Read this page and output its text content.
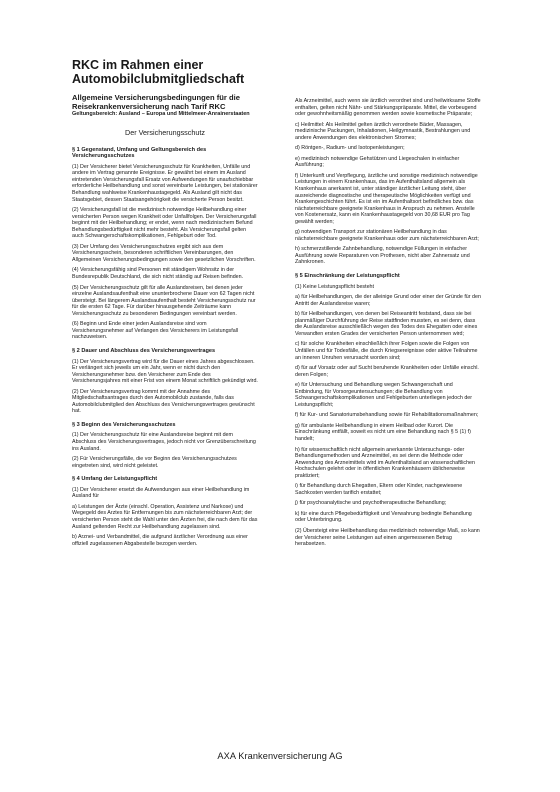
RKC im Rahmen einer
Automobilclubmitgliedschaft
Allgemeine Versicherungsbedingungen für die Reisekrankenversicherung nach Tarif RKC
Geltungsbereich: Ausland – Europa und Mittelmeer-Anrainerstaaten
Der Versicherungsschutz
§ 1 Gegenstand, Umfang und Geltungsbereich des Versicherungsschutzes

(1) Der Versicherer bietet Versicherungsschutz für Krankheiten, Unfälle und andere im Vertrag genannte Ereignisse. Er gewährt bei einem im Ausland eintretenden Versicherungsfall Ersatz von Aufwendungen für unaufschiebbar erforderliche Heilbehandlung und sonst vereinbarte Leistungen, bei stationärer Behandlung wahlweise Krankenhaustagegeld. Als Ausland gilt nicht das Staatsgebiet, dessen Staatsangehörigkeit die versicherte Person besitzt.

(2) Versicherungsfall ist die medizinisch notwendige Heilbehandlung einer versicherten Person wegen Krankheit oder Unfallfolgen. Der Versicherungsfall beginnt mit der Heilbehandlung; er endet, wenn nach medizinischem Befund Behandlungsbedürftigkeit nicht mehr besteht. Als Versicherungsfall gelten auch Schwangerschaftskomplikationen, Fehlgeburt oder Tod.

(3) Der Umfang des Versicherungsschutzes ergibt sich aus dem Versicherungsschein, besonderen schriftlichen Vereinbarungen, den Allgemeinen Versicherungsbedingungen sowie den gesetzlichen Vorschriften.

(4) Versicherungsfähig sind Personen mit ständigem Wohnsitz in der Bundesrepublik Deutschland, die sich nicht ständig auf Reisen befinden.

(5) Der Versicherungsschutz gilt für alle Auslandsreisen, bei denen jeder einzelne Auslandsaufenthalt eine ununterbrochene Dauer von 62 Tagen nicht übersteigt. Bei längerem Auslandsaufenthalt besteht Versicherungsschutz nur für die ersten 62 Tage. Für darüber hinausgehende Zeiträume kann Versicherungsschutz zu besonderen Bedingungen vereinbart werden.

(6) Beginn und Ende einer jeden Auslandsreise sind vom Versicherungsnehmer auf Verlangen des Versicherers im Leistungsfall nachzuweisen.

§ 2 Dauer und Abschluss des Versicherungsvertrages

(1) Der Versicherungsvertrag wird für die Dauer eines Jahres abgeschlossen. Er verlängert sich jeweils um ein Jahr, wenn er nicht durch den Versicherungsnehmer bzw. den Versicherer zum Ende des Versicherungsjahres mit einer Frist von einem Monat schriftlich gekündigt wird.

(2) Der Versicherungsvertrag kommt mit der Annahme des Mitgliedschaftsantrages durch den Automobilclub zustande, falls das Automobilclubmitglied den Abschluss des Versicherungsvertrages gewünscht hat.

§ 3 Beginn des Versicherungsschutzes

(1) Der Versicherungsschutz für eine Auslandsreise beginnt mit dem Abschluss des Versicherungsvertrages, jedoch nicht vor Grenzüberschreitung ins Ausland.

(2) Für Versicherungsfälle, die vor Beginn des Versicherungsschutzes eingetreten sind, wird nicht geleistet.

§ 4 Umfang der Leistungspflicht

(1) Der Versicherer ersetzt die Aufwendungen aus einer Heilbehandlung im Ausland für

a) Leistungen der Ärzte (einschl. Operation, Assistenz und Narkose) und Wegegeld des Arztes für Entfernungen bis zum nächsterreichbaren Arzt; der versicherten Person steht die Wahl unter den Ärzten frei, die nach dem für das Ausland geltenden Recht zur Heilbehandlung zugelassen sind.

b) Arznei- und Verbandmittel, die aufgrund ärztlicher Verordnung aus einer offiziell zugelassenen Abgabestelle bezogen werden.

Als Arzneimittel, auch wenn sie ärztlich verordnet sind und heilwirksame Stoffe enthalten, gelten nicht Nähr- und Stärkungspräparate. Mittel, die vorbeugend oder gewohnheitsmäßig genommen werden sowie kosmetische Präparate;

c) Heilmittel: Als Heilmittel gelten ärztlich verordnete Bäder, Massagen, medizinische Packungen, Inhalationen, Heilgymnastik, Bestrahlungen und andere Anwendungen des elektronischen Stromes;

d) Röntgen-, Radium- und Isotopenleistungen;

e) medizinisch notwendige Gehstützen und Liegeschalen in einfacher Ausführung;

f) Unterkunft und Verpflegung, ärztliche und sonstige medizinisch notwendige Leistungen in einem Krankenhaus, das im Aufenthaltsland allgemein als Krankenhaus anerkannt ist, unter ständiger ärztlicher Leitung steht, über ausreichende diagnostische und therapeutische Möglichkeiten verfügt und Krankengeschichten führt. Es ist ein im Aufenthaltsort befindliches bzw. das nächsterreichbare geeignete Krankenhaus in Anspruch zu nehmen. Anstelle von Kostenersatz, kann ein Krankenhaustagegeld von 30,68 EUR pro Tag gewählt werden;

g) notwendigen Transport zur stationären Heilbehandlung in das nächsterreichbare geeignete Krankenhaus oder zum nächsterreichbaren Arzt;

h) schmerzstillende Zahnbehandlung, notwendige Füllungen in einfacher Ausführung sowie Reparaturen von Prothesen, nicht aber Zahnersatz und Zahnkronen.

§ 5 Einschränkung der Leistungspflicht

(1) Keine Leistungspflicht besteht

a) für Heilbehandlungen, die der alleinige Grund oder einer der Gründe für den Antritt der Auslandsreise waren;

b) für Heilbehandlungen, von denen bei Reiseantritt feststand, dass sie bei planmäßiger Durchführung der Reise stattfinden mussten, es sei denn, dass die Auslandsreise ausschließlich wegen des Todes des Ehegatten oder eines Verwandten ersten Grades der versicherten Person unternommen wird;

c) für solche Krankheiten einschließlich ihrer Folgen sowie die Folgen von Unfällen und für Todesfälle, die durch Kriegsereignisse oder aktive Teilnahme an inneren Unruhen verursacht worden sind;

d) für auf Vorsatz oder auf Sucht beruhende Krankheiten oder Unfälle einschl. deren Folgen;

e) für Untersuchung und Behandlung wegen Schwangerschaft und Entbindung, für Vorsorgeuntersuchungen; die Behandlung von Schwangerschaftskomplikationen und Fehlgeburten unterliegen jedoch der Leistungspflicht;

f) für Kur- und Sanatoriumsbehandlung sowie für Rehabilitationsmaßnahmen;

g) für ambulante Heilbehandlung in einem Heilbad oder Kurort. Die Einschränkung entfällt, soweit es nicht um eine Behandlung nach § 5 (1) f) handelt;

h) für wissenschaftlich nicht allgemein anerkannte Untersuchungs- oder Behandlungsmethoden und Arzneimittel, es sei denn die Methode oder Anwendung des Arzneimittels wird im Aufenthaltsland an wissenschaftlichen Hochschulen gelehrt oder in öffentlichen Krankenhäusern üblicherweise praktiziert;

i) für Behandlung durch Ehegatten, Eltern oder Kinder, nachgewiesene Sachkosten werden tarifich erstattet;

j) für psychoanalytische und psychotherapeutische Behandlung;

k) für eine durch Pflegebedürftigkeit und Verwahrung bedingte Behandlung oder Unterbringung.

(2) Übersteigt eine Heilbehandlung das medizinisch notwendige Maß, so kann der Versicherer seine Leistungen auf einen angemessenen Betrag herabsetzen.

AXA Krankenversicherung AG
